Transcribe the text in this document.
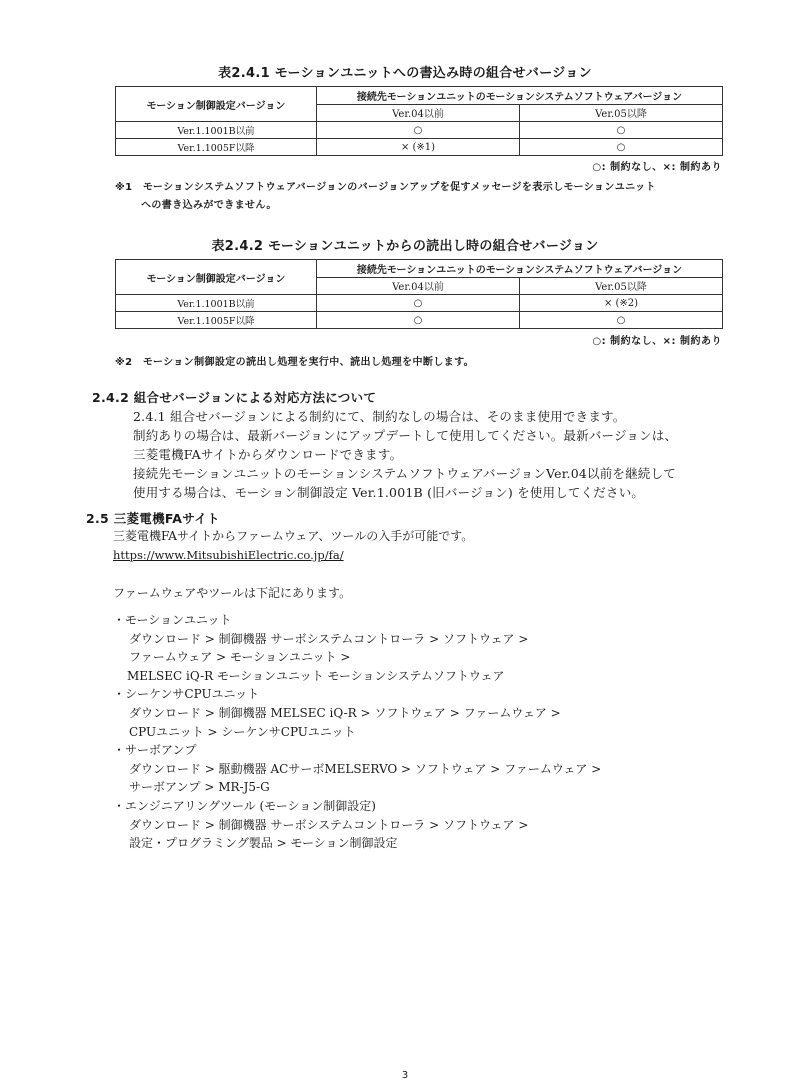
表2.4.1 モーションユニットへの書込み時の組合せバージョン
モーション制御設定バージョン	接続先モーションユニットのモーションシステムソフトウェアバージョン	
	Ver.04以前	Ver.05以降
Ver.1.1001B以前	○	○
Ver.1.1005F以降	× (※1)	○
○: 制約なし、×: 制約あり
※1　モーションシステムソフトウェアバージョンのバージョンアップを促すメッセージを表示しモーションユニット
への書き込みができません。
表2.4.2 モーションユニットからの読出し時の組合せバージョン
モーション制御設定バージョン	接続先モーションユニットのモーションシステムソフトウェアバージョン	
	Ver.04以前	Ver.05以降
Ver.1.1001B以前	○	× (※2)
Ver.1.1005F以降	○	○
○: 制約なし、×: 制約あり
※2　モーション制御設定の読出し処理を実行中、読出し処理を中断します。
2.4.2 組合せバージョンによる対応方法について
2.4.1 組合せバージョンによる制約にて、制約なしの場合は、そのまま使用できます。
制約ありの場合は、最新バージョンにアップデートして使用してください。最新バージョンは、
三菱電機FAサイトからダウンロードできます。
接続先モーションユニットのモーションシステムソフトウェアバージョンVer.04以前を継続して
使用する場合は、モーション制御設定 Ver.1.001B (旧バージョン) を使用してください。
2.5 三菱電機FAサイト
三菱電機FAサイトからファームウェア、ツールの入手が可能です。
https://www.MitsubishiElectric.co.jp/fa/
ファームウェアやツールは下記にあります。
・モーションユニット
ダウンロード > 制御機器 サーボシステムコントローラ > ソフトウェア >
ファームウェア > モーションユニット >
MELSEC iQ-R モーションユニット モーションシステムソフトウェア
・シーケンサCPUユニット
ダウンロード > 制御機器 MELSEC iQ-R > ソフトウェア > ファームウェア >
CPUユニット > シーケンサCPUユニット
・サーボアンプ
ダウンロード > 駆動機器 ACサーボMELSERVO > ソフトウェア > ファームウェア >
サーボアンプ > MR-J5-G
・エンジニアリングツール (モーション制御設定)
ダウンロード > 制御機器 サーボシステムコントローラ > ソフトウェア >
設定・プログラミング製品 > モーション制御設定
3
